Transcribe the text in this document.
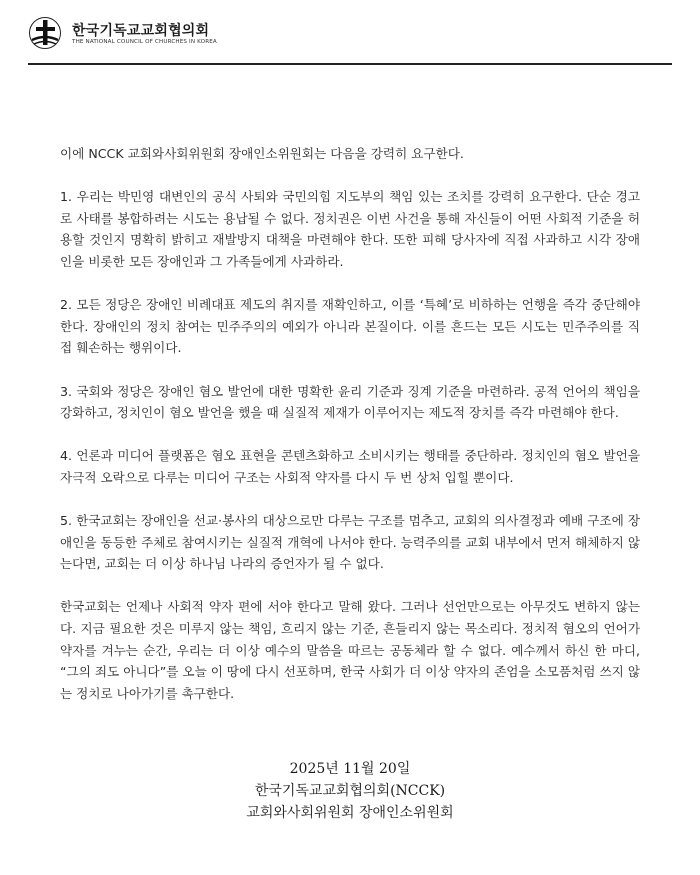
한국기독교교회협의회
THE NATIONAL COUNCIL OF CHURCHES IN KOREA

이에 NCCK 교회와사회위원회 장애인소위원회는 다음을 강력히 요구한다.

1. 우리는 박민영 대변인의 공식 사퇴와 국민의힘 지도부의 책임 있는 조치를 강력히 요구한다. 단순 경고로 사태를 봉합하려는 시도는 용납될 수 없다. 정치권은 이번 사건을 통해 자신들이 어떤 사회적 기준을 허용할 것인지 명확히 밝히고 재발방지 대책을 마련해야 한다. 또한 피해 당사자에 직접 사과하고 시각 장애인을 비롯한 모든 장애인과 그 가족들에게 사과하라.

2. 모든 정당은 장애인 비례대표 제도의 취지를 재확인하고, 이를 ‘특혜’로 비하하는 언행을 즉각 중단해야 한다. 장애인의 정치 참여는 민주주의의 예외가 아니라 본질이다. 이를 흔드는 모든 시도는 민주주의를 직접 훼손하는 행위이다.

3. 국회와 정당은 장애인 혐오 발언에 대한 명확한 윤리 기준과 징계 기준을 마련하라. 공적 언어의 책임을 강화하고, 정치인이 혐오 발언을 했을 때 실질적 제재가 이루어지는 제도적 장치를 즉각 마련해야 한다.

4. 언론과 미디어 플랫폼은 혐오 표현을 콘텐츠화하고 소비시키는 행태를 중단하라. 정치인의 혐오 발언을 자극적 오락으로 다루는 미디어 구조는 사회적 약자를 다시 두 번 상처 입힐 뿐이다.

5. 한국교회는 장애인을 선교·봉사의 대상으로만 다루는 구조를 멈추고, 교회의 의사결정과 예배 구조에 장애인을 동등한 주체로 참여시키는 실질적 개혁에 나서야 한다. 능력주의를 교회 내부에서 먼저 해체하지 않는다면, 교회는 더 이상 하나님 나라의 증언자가 될 수 없다.

한국교회는 언제나 사회적 약자 편에 서야 한다고 말해 왔다. 그러나 선언만으로는 아무것도 변하지 않는다. 지금 필요한 것은 미루지 않는 책임, 흐리지 않는 기준, 흔들리지 않는 목소리다. 정치적 혐오의 언어가 약자를 겨누는 순간, 우리는 더 이상 예수의 말씀을 따르는 공동체라 할 수 없다. 예수께서 하신 한 마디, “그의 죄도 아니다”를 오늘 이 땅에 다시 선포하며, 한국 사회가 더 이상 약자의 존엄을 소모품처럼 쓰지 않는 정치로 나아가기를 촉구한다.

2025년 11월 20일
한국기독교교회협의회(NCCK)
교회와사회위원회 장애인소위원회
